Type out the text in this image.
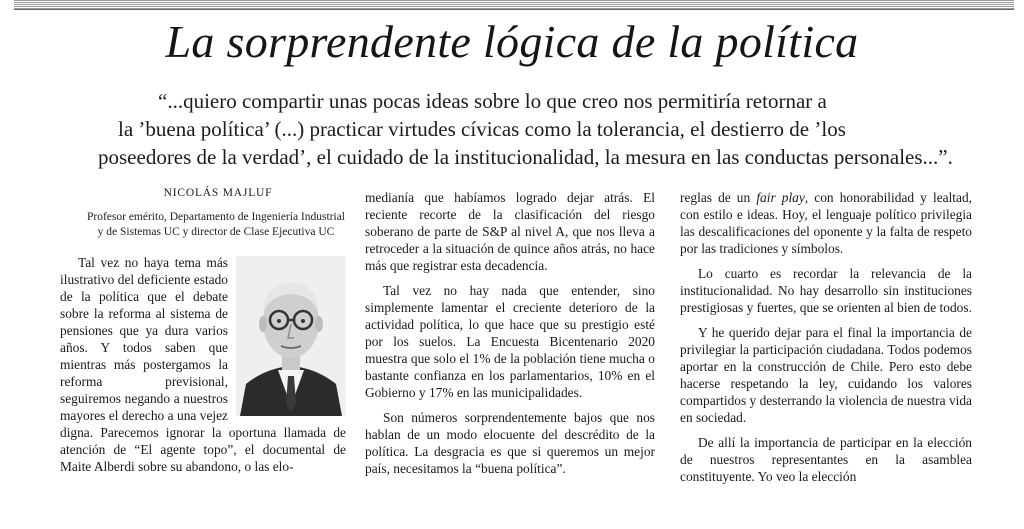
La sorprendente lógica de la política
“...quiero compartir unas pocas ideas sobre lo que creo nos permitiría retornar a
la ’buena política’ (...) practicar virtudes cívicas como la tolerancia, el destierro de ’los
poseedores de la verdad’, el cuidado de la institucionalidad, la mesura en las conductas personales...”.
NICOLÁS MAJLUF
Profesor emérito, Departamento de Ingeniería Industrial y de Sistemas UC y director de Clase Ejecutiva UC

Tal vez no haya tema más ilustrativo del deficiente estado de la política que el debate sobre la reforma al sistema de pensiones que ya dura varios años. Y todos saben que mientras más postergamos la reforma previsional, seguiremos negando a nuestros mayores el derecho a una vejez digna. Parecemos ignorar la oportuna llamada de atención de “El agente topo”, el documental de Maite Alberdi sobre su abandono, o las elo-

medianía que habíamos logrado dejar atrás. El reciente recorte de la clasificación del riesgo soberano de parte de S&P al nivel A, que nos lleva a retroceder a la situación de quince años atrás, no hace más que registrar esta decadencia.

Tal vez no hay nada que entender, sino simplemente lamentar el creciente deterioro de la actividad política, lo que hace que su prestigio esté por los suelos. La Encuesta Bicentenario 2020 muestra que solo el 1% de la población tiene mucha o bastante confianza en los parlamentarios, 10% en el Gobierno y 17% en las municipalidades.

Son números sorprendentemente bajos que nos hablan de un modo elocuente del descrédito de la política. La desgracia es que si queremos un mejor país, necesitamos la “buena política”.

reglas de un fair play, con honorabilidad y lealtad, con estilo e ideas. Hoy, el lenguaje político privilegia las descalificaciones del oponente y la falta de respeto por las tradiciones y símbolos.

Lo cuarto es recordar la relevancia de la institucionalidad. No hay desarrollo sin instituciones prestigiosas y fuertes, que se orienten al bien de todos.

Y he querido dejar para el final la importancia de privilegiar la participación ciudadana. Todos podemos aportar en la construcción de Chile. Pero esto debe hacerse respetando la ley, cuidando los valores compartidos y desterrando la violencia de nuestra vida en sociedad.

De allí la importancia de participar en la elección de nuestros representantes en la asamblea constituyente. Yo veo la elección
